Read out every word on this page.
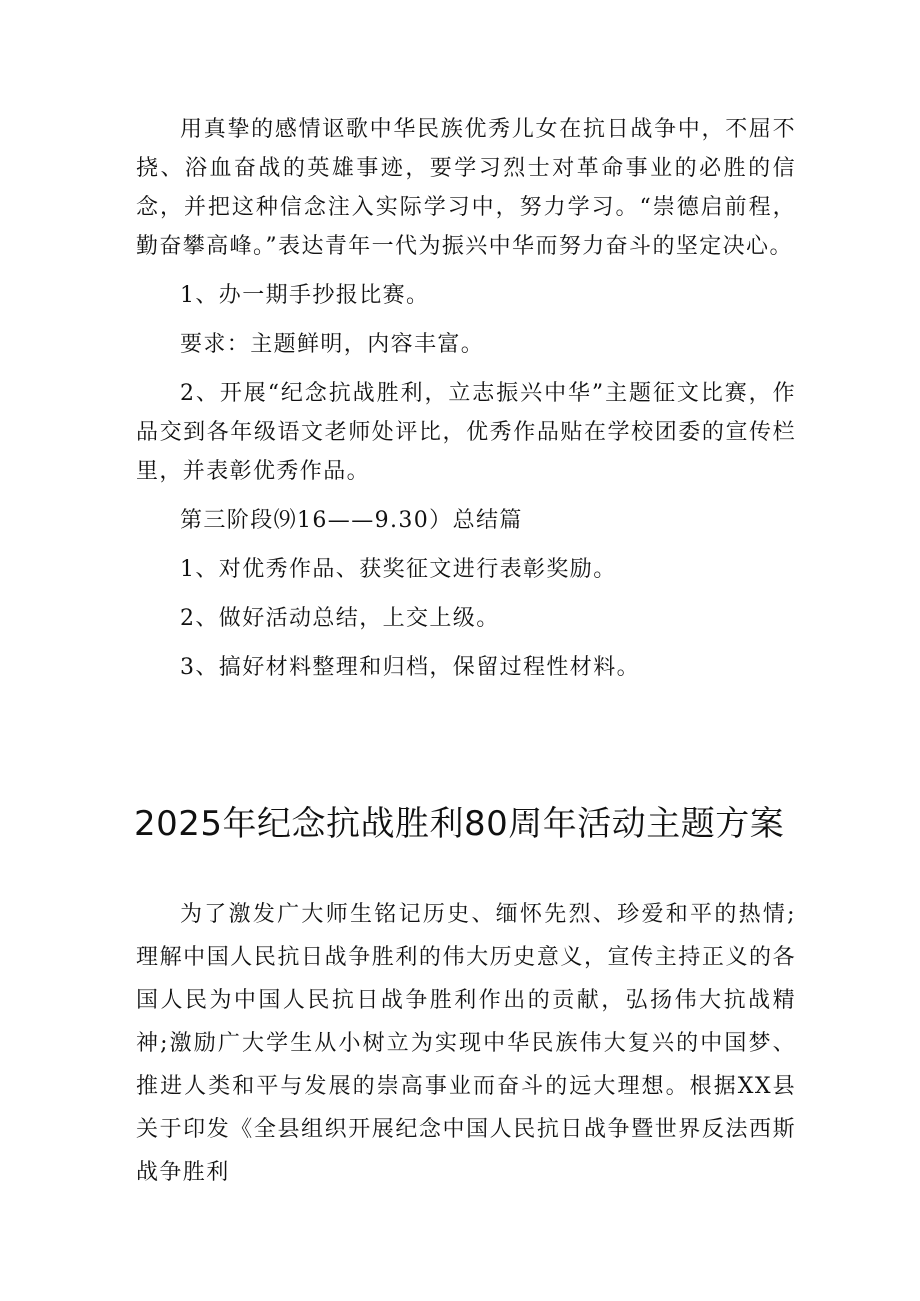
用真挚的感情讴歌中华民族优秀儿女在抗日战争中，不屈不挠、浴血奋战的英雄事迹，要学习烈士对革命事业的必胜的信念，并把这种信念注入实际学习中，努力学习。“崇德启前程，勤奋攀高峰。”表达青年一代为振兴中华而努力奋斗的坚定决心。

1、办一期手抄报比赛。

要求：主题鲜明，内容丰富。

2、开展“纪念抗战胜利，立志振兴中华”主题征文比赛，作品交到各年级语文老师处评比，优秀作品贴在学校团委的宣传栏里，并表彰优秀作品。

第三阶段⑼16——9.30）总结篇

1、对优秀作品、获奖征文进行表彰奖励。

2、做好活动总结，上交上级。

3、搞好材料整理和归档，保留过程性材料。

2025年纪念抗战胜利80周年活动主题方案

为了激发广大师生铭记历史、缅怀先烈、珍爱和平的热情;理解中国人民抗日战争胜利的伟大历史意义，宣传主持正义的各国人民为中国人民抗日战争胜利作出的贡献，弘扬伟大抗战精神;激励广大学生从小树立为实现中华民族伟大复兴的中国梦、推进人类和平与发展的崇高事业而奋斗的远大理想。根据XX县关于印发《全县组织开展纪念中国人民抗日战争暨世界反法西斯战争胜利
